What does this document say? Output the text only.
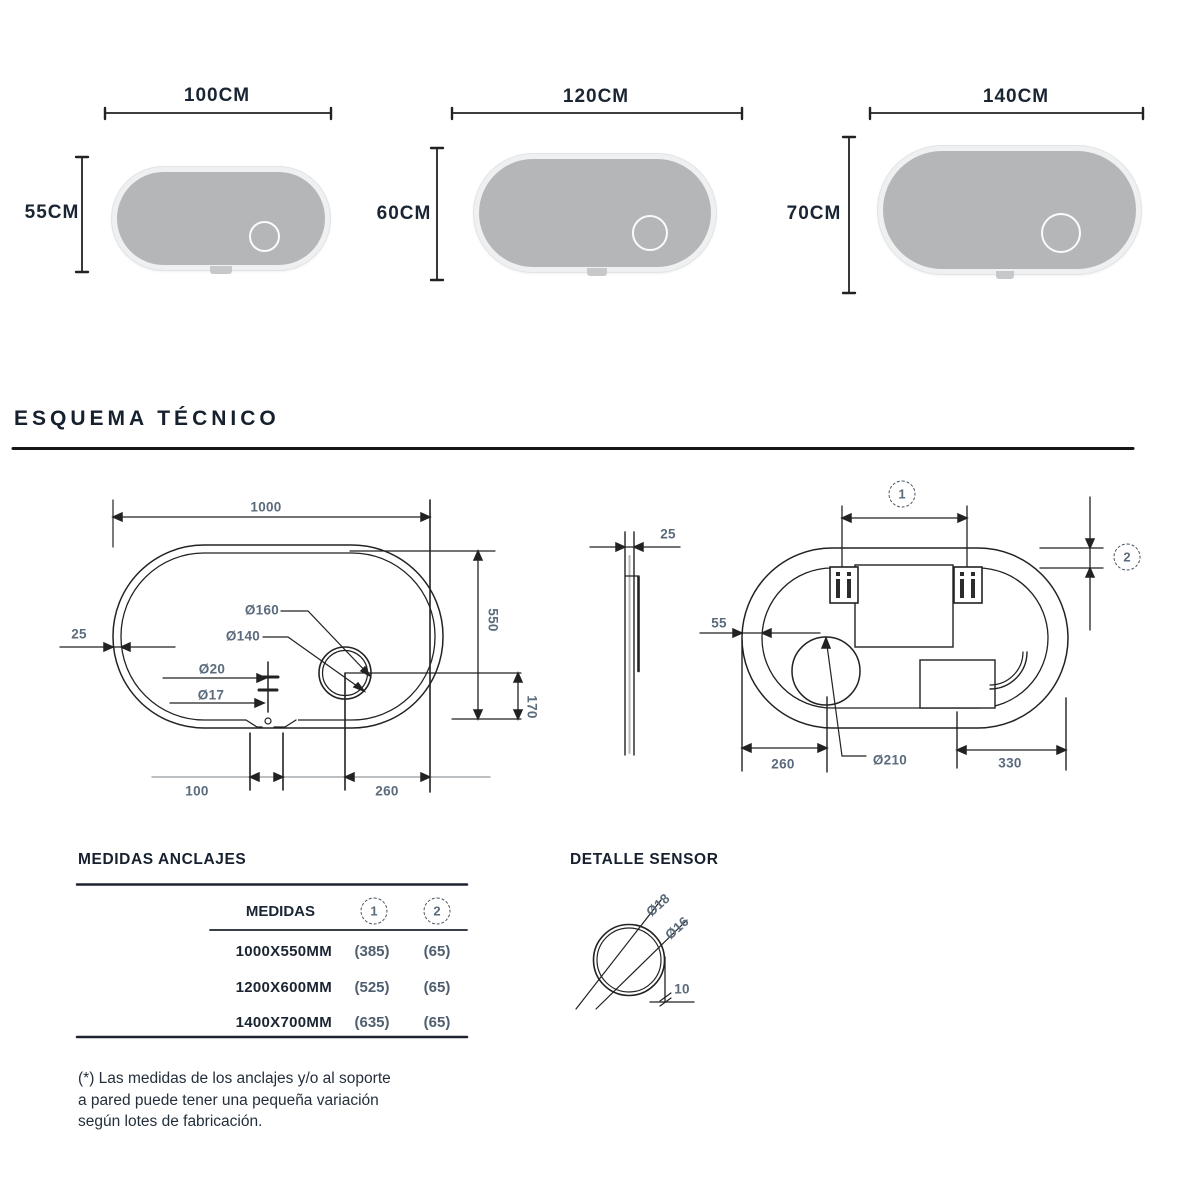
100CM
55CM
120CM
60CM
140CM
70CM
ESQUEMA TÉCNICO
1000
25
550
170
Ø160
Ø140
Ø20
Ø17
100	260
25
1
2
55
260	Ø210	330
MEDIDAS ANCLAJES
MEDIDAS	1	2
1000X550MM	(385)	(65)
1200X600MM	(525)	(65)
1400X700MM	(635)	(65)
(*) Las medidas de los anclajes y/o al soporte
a pared puede tener una pequeña variación
según lotes de fabricación.
DETALLE SENSOR
Ø18
Ø16
10
